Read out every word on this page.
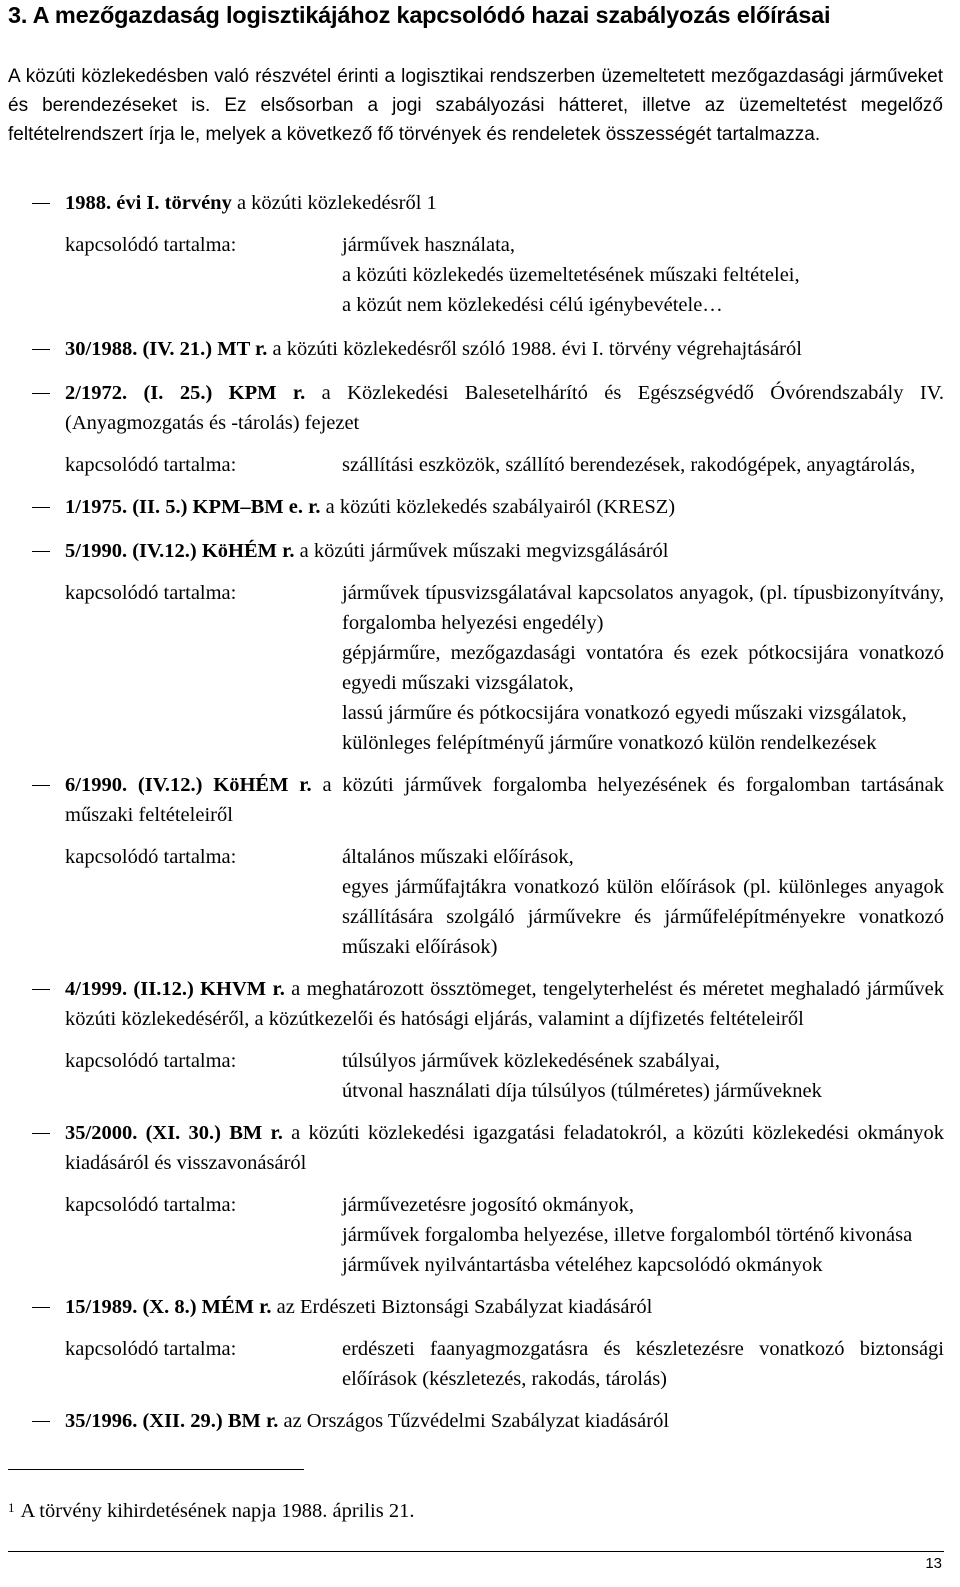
3. A mezőgazdaság logisztikájához kapcsolódó hazai szabályozás előírásai

A közúti közlekedésben való részvétel érinti a logisztikai rendszerben üzemeltetett mezőgazdasági járműveket és berendezéseket is. Ez elsősorban a jogi szabályozási hátteret, illetve az üzemeltetést megelőző feltételrendszert írja le, melyek a következő fő törvények és rendeletek összességét tartalmazza.

1988. évi I. törvény a közúti közlekedésről 1
kapcsolódó tartalma:	járművek használata,
a közúti közlekedés üzemeltetésének műszaki feltételei,
a közút nem közlekedési célú igénybevétele…
30/1988. (IV. 21.) MT r. a közúti közlekedésről szóló 1988. évi I. törvény végrehajtásáról
2/1972. (I. 25.) KPM r. a Közlekedési Balesetelhárító és Egészségvédő Óvórendszabály IV. (Anyagmozgatás és -tárolás) fejezet
kapcsolódó tartalma:	szállítási eszközök, szállító berendezések, rakodógépek, anyagtárolás,
1/1975. (II. 5.) KPM–BM e. r. a közúti közlekedés szabályairól (KRESZ)
5/1990. (IV.12.) KöHÉM r. a közúti járművek műszaki megvizsgálásáról
kapcsolódó tartalma:	járművek típusvizsgálatával kapcsolatos anyagok, (pl. típusbizonyítvány, forgalomba helyezési engedély)
gépjárműre, mezőgazdasági vontatóra és ezek pótkocsijára vonatkozó egyedi műszaki vizsgálatok,
lassú járműre és pótkocsijára vonatkozó egyedi műszaki vizsgálatok,
különleges felépítményű járműre vonatkozó külön rendelkezések
6/1990. (IV.12.) KöHÉM r. a közúti járművek forgalomba helyezésének és forgalomban tartásának műszaki feltételeiről
kapcsolódó tartalma:	általános műszaki előírások,
egyes járműfajtákra vonatkozó külön előírások (pl. különleges anyagok szállítására szolgáló járművekre és járműfelépítményekre vonatkozó műszaki előírások)
4/1999. (II.12.) KHVM r. a meghatározott össztömeget, tengelyterhelést és méretet meghaladó járművek közúti közlekedéséről, a közútkezelői és hatósági eljárás, valamint a díjfizetés feltételeiről
kapcsolódó tartalma:	túlsúlyos járművek közlekedésének szabályai,
útvonal használati díja túlsúlyos (túlméretes) járműveknek
35/2000. (XI. 30.) BM r. a közúti közlekedési igazgatási feladatokról, a közúti közlekedési okmányok kiadásáról és visszavonásáról
kapcsolódó tartalma:	járművezetésre jogosító okmányok,
járművek forgalomba helyezése, illetve forgalomból történő kivonása
járművek nyilvántartásba vételéhez kapcsolódó okmányok
15/1989. (X. 8.) MÉM r. az Erdészeti Biztonsági Szabályzat kiadásáról
kapcsolódó tartalma:	erdészeti faanyagmozgatásra és készletezésre vonatkozó biztonsági előírások (készletezés, rakodás, tárolás)
35/1996. (XII. 29.) BM r. az Országos Tűzvédelmi Szabályzat kiadásáról
$^1$ A törvény kihirdetésének napja 1988. április 21.
13
